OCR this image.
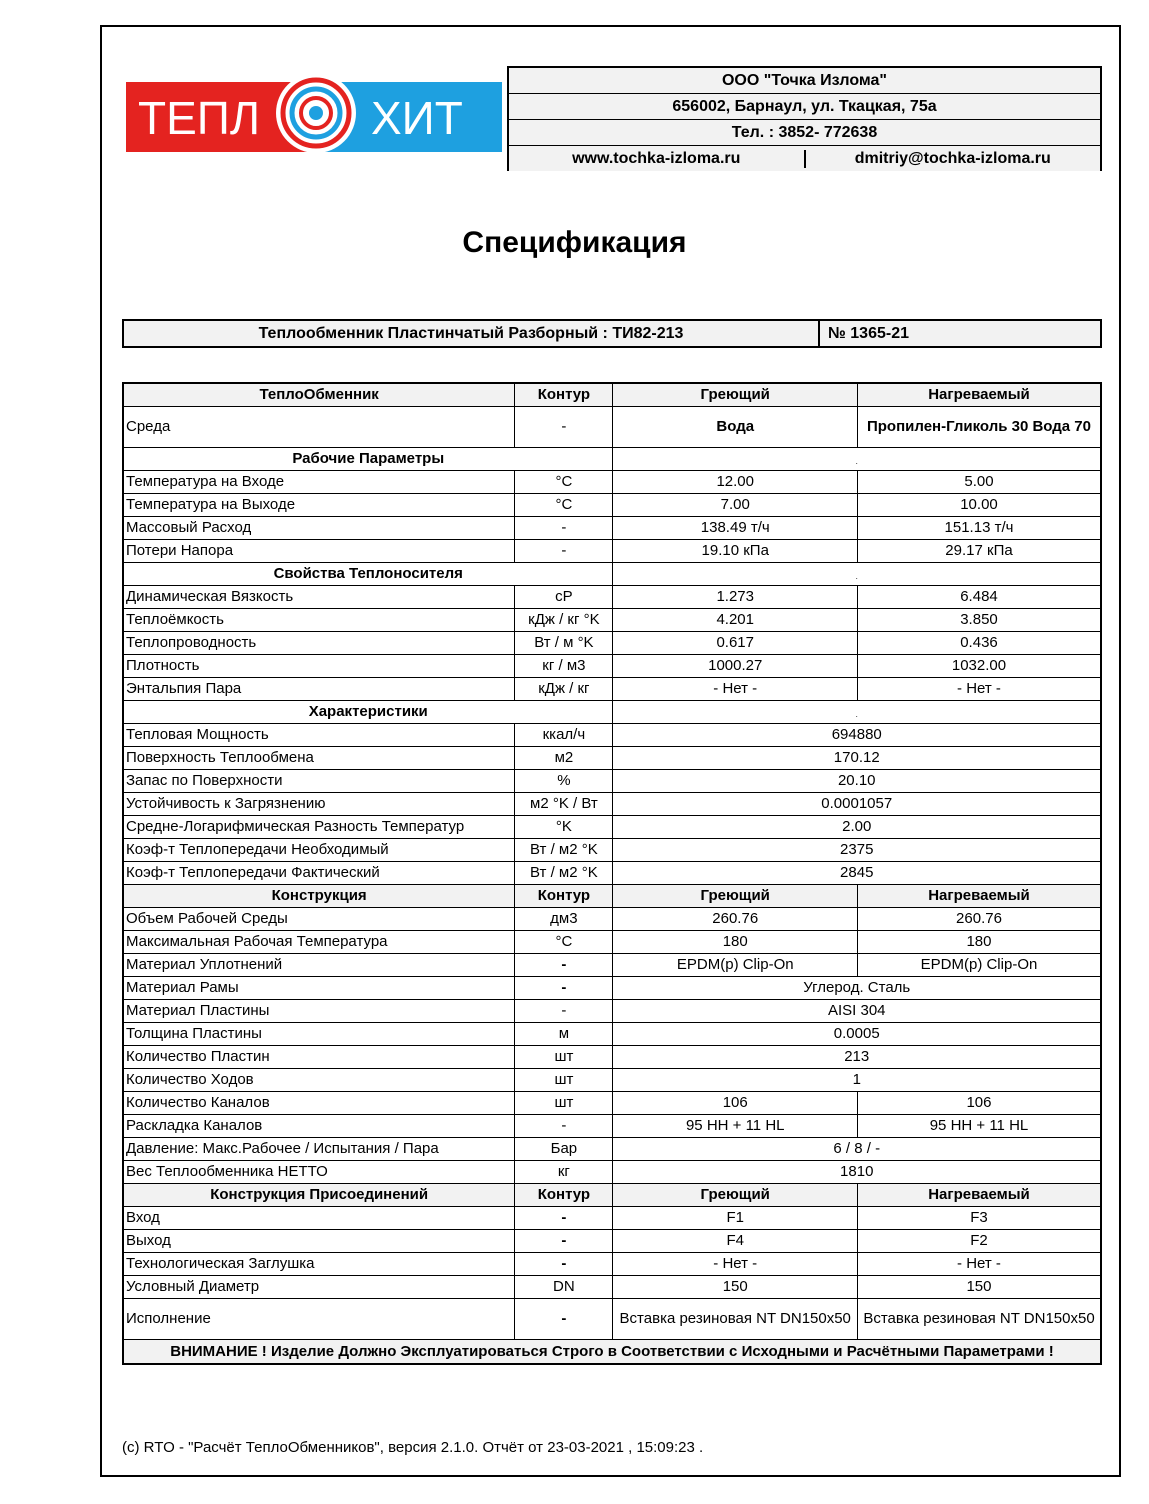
ТЕПЛ ХИТ
ООО "Точка Излома"
656002, Барнаул, ул. Ткацкая, 75а
Тел. : 3852- 772638
www.tochka-izloma.ru	dmitriy@tochka-izloma.ru
Спецификация
Теплообменник Пластинчатый Разборный : ТИ82-213	№ 1365-21
ТеплоОбменник	Контур	Греющий	Нагреваемый
Среда	-	Вода	Пропилен-Гликоль 30 Вода 70
Рабочие Параметры		.	
Температура на Входе	°C	12.00	5.00
Температура на Выходе	°C	7.00	10.00
Массовый Расход	-	138.49 т/ч	151.13 т/ч
Потери Напора	-	19.10 кПа	29.17 кПа
Свойства Теплоносителя		.	
Динамическая Вязкость	cP	1.273	6.484
Теплоёмкость	кДж / кг °K	4.201	3.850
Теплопроводность	Вт / м °K	0.617	0.436
Плотность	кг / м3	1000.27	1032.00
Энтальпия Пара	кДж / кг	- Нет -	- Нет -
Характеристики		.	
Тепловая Мощность	ккал/ч	694880	
Поверхность Теплообмена	м2	170.12	
Запас по Поверхности	%	20.10	
Устойчивость к Загрязнению	м2 °K / Вт	0.0001057	
Средне-Логарифмическая Разность Температур	°K	2.00	
Коэф-т Теплопередачи Необходимый	Вт / м2 °K	2375	
Коэф-т Теплопередачи Фактический	Вт / м2 °K	2845	
Конструкция	Контур	Греющий	Нагреваемый
Объем Рабочей Среды	дм3	260.76	260.76
Максимальная Рабочая Температура	°C	180	180
Материал Уплотнений	-	EPDM(p) Clip-On	EPDM(p) Clip-On
Материал Рамы	-	Углерод. Сталь	
Материал Пластины	-	AISI 304	
Толщина Пластины	м	0.0005	
Количество Пластин	шт	213	
Количество Ходов	шт	1	
Количество Каналов	шт	106	106
Раскладка Каналов	-	95 HH + 11 HL	95 HH + 11 HL
Давление: Макс.Рабочее / Испытания / Пара	Бар	6 / 8 / -	
Вес Теплообменника НЕТТО	кг	1810	
Конструкция Присоединений	Контур	Греющий	Нагреваемый
Вход	-	F1	F3
Выход	-	F4	F2
Технологическая Заглушка	-	- Нет -	- Нет -
Условный Диаметр	DN	150	150
Исполнение	-	Вставка резиновая NT DN150x50	Вставка резиновая NT DN150x50
ВНИМАНИЕ ! Изделие Должно Эксплуатироваться Строго в Соответствии с Исходными и Расчётными Параметрами !			
(c) RTO - "Расчёт ТеплоОбменников", версия 2.1.0. Отчёт от 23-03-2021 , 15:09:23 .
